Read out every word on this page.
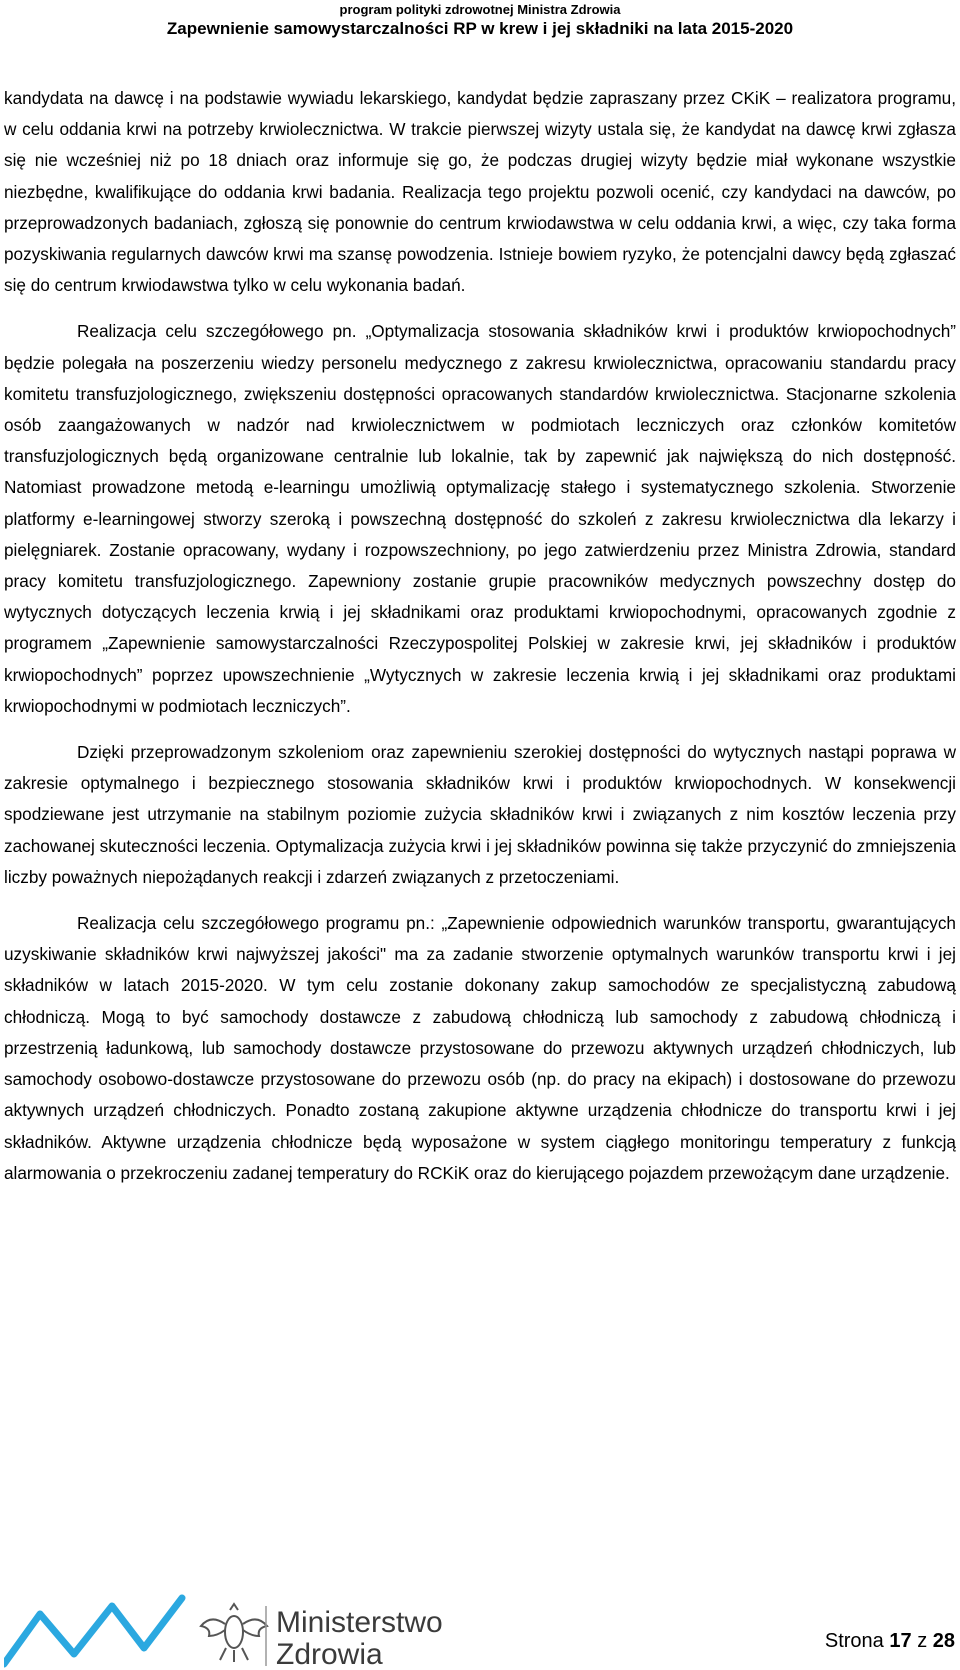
program polityki zdrowotnej Ministra Zdrowia
Zapewnienie samowystarczalności RP w krew i jej składniki na lata 2015-2020

kandydata na dawcę i na podstawie wywiadu lekarskiego, kandydat będzie zapraszany przez CKiK – realizatora programu, w celu oddania krwi na potrzeby krwiolecznictwa. W trakcie pierwszej wizyty ustala się, że kandydat na dawcę krwi zgłasza się nie wcześniej niż po 18 dniach oraz informuje się go, że podczas drugiej wizyty będzie miał wykonane wszystkie niezbędne, kwalifikujące do oddania krwi badania. Realizacja tego projektu pozwoli ocenić, czy kandydaci na dawców, po przeprowadzonych badaniach, zgłoszą się ponownie do centrum krwiodawstwa w celu oddania krwi, a więc, czy taka forma pozyskiwania regularnych dawców krwi ma szansę powodzenia. Istnieje bowiem ryzyko, że potencjalni dawcy będą zgłaszać się do centrum krwiodawstwa tylko w celu wykonania badań.

Realizacja celu szczegółowego pn. „Optymalizacja stosowania składników krwi i produktów krwiopochodnych” będzie polegała na poszerzeniu wiedzy personelu medycznego z zakresu krwiolecznictwa, opracowaniu standardu pracy komitetu transfuzjologicznego, zwiększeniu dostępności opracowanych standardów krwiolecznictwa. Stacjonarne szkolenia osób zaangażowanych w nadzór nad krwiolecznictwem w podmiotach leczniczych oraz członków komitetów transfuzjologicznych będą organizowane centralnie lub lokalnie, tak by zapewnić jak największą do nich dostępność. Natomiast prowadzone metodą e-learningu umożliwią optymalizację stałego i systematycznego szkolenia. Stworzenie platformy e-learningowej stworzy szeroką i powszechną dostępność do szkoleń z zakresu krwiolecznictwa dla lekarzy i pielęgniarek. Zostanie opracowany, wydany i rozpowszechniony, po jego zatwierdzeniu przez Ministra Zdrowia, standard pracy komitetu transfuzjologicznego. Zapewniony zostanie grupie pracowników medycznych powszechny dostęp do wytycznych dotyczących leczenia krwią i jej składnikami oraz produktami krwiopochodnymi, opracowanych zgodnie z programem „Zapewnienie samowystarczalności Rzeczypospolitej Polskiej w zakresie krwi, jej składników i produktów krwiopochodnych” poprzez upowszechnienie „Wytycznych w zakresie leczenia krwią i jej składnikami oraz produktami krwiopochodnymi w podmiotach leczniczych”.

Dzięki przeprowadzonym szkoleniom oraz zapewnieniu szerokiej dostępności do wytycznych nastąpi poprawa w zakresie optymalnego i bezpiecznego stosowania składników krwi i produktów krwiopochodnych. W konsekwencji spodziewane jest utrzymanie na stabilnym poziomie zużycia składników krwi i związanych z nim kosztów leczenia przy zachowanej skuteczności leczenia. Optymalizacja zużycia krwi i jej składników powinna się także przyczynić do zmniejszenia liczby poważnych niepożądanych reakcji i zdarzeń związanych z przetoczeniami.

Realizacja celu szczegółowego programu pn.: „Zapewnienie odpowiednich warunków transportu, gwarantujących uzyskiwanie składników krwi najwyższej jakości" ma za zadanie stworzenie optymalnych warunków transportu krwi i jej składników w latach 2015-2020. W tym celu zostanie dokonany zakup samochodów ze specjalistyczną zabudową chłodniczą. Mogą to być samochody dostawcze z zabudową chłodniczą lub samochody z zabudową chłodniczą i przestrzenią ładunkową, lub samochody dostawcze przystosowane do przewozu aktywnych urządzeń chłodniczych, lub samochody osobowo-dostawcze przystosowane do przewozu osób (np. do pracy na ekipach) i dostosowane do przewozu aktywnych urządzeń chłodniczych. Ponadto zostaną zakupione aktywne urządzenia chłodnicze do transportu krwi i jej składników. Aktywne urządzenia chłodnicze będą wyposażone w system ciągłego monitoringu temperatury z funkcją alarmowania o przekroczeniu zadanej temperatury do RCKiK oraz do kierującego pojazdem przewożącym dane urządzenie.

Ministerstwo
Zdrowia	Strona 17 z 28
